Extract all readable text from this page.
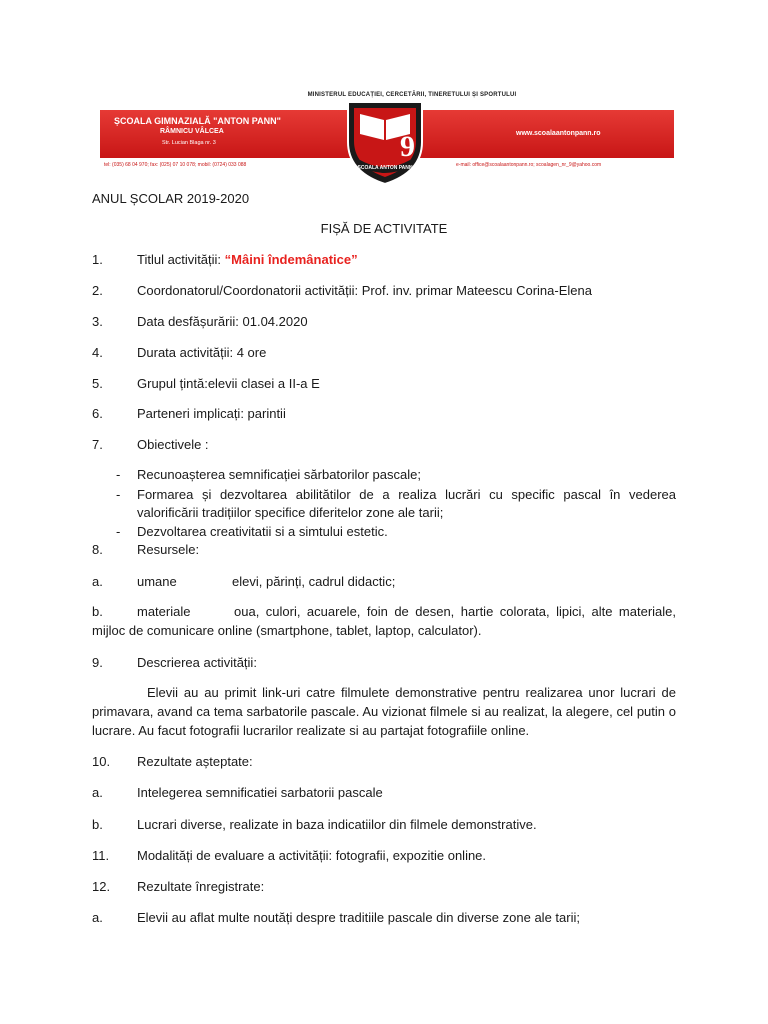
MINISTERUL EDUCAȚIEI, CERCETĂRII, TINERETULUI ȘI SPORTULUI
ȘCOALA GIMNAZIALĂ "ANTON PANN"
RÂMNICU VÂLCEA
Str. Lucian Blaga nr. 3
www.scoalaantonpann.ro
tel: (035) 68 04 970; fax: (025) 07 10 078; mobil: (0724) 033 088	e-mail: office@scoalaantonpann.ro; scoalagen_nr_9@yahoo.com
9
ȘCOALA ANTON PANN
ANUL ȘCOLAR 2019-2020
FIȘĂ DE ACTIVITATE
1.	Titlul activității: “Mâini îndemânatice”
2.	Coordonatorul/Coordonatorii activității: Prof. inv. primar Mateescu Corina-Elena
3.	Data desfășurării: 01.04.2020
4.	Durata activității: 4 ore
5.	Grupul țintă:elevii clasei a II-a E
6.	Parteneri implicați: parintii
7.	Obiectivele :
- Recunoașterea semnificației sărbatorilor pascale;
- Formarea și dezvoltarea abilitătilor de a realiza lucrări cu specific pascal în vederea
valorificării tradițiilor specifice diferitelor zone ale tarii;
- Dezvoltarea creativitatii si a simtului estetic.
8.	Resursele:
a.	umane	elevi, părinți, cadrul didactic;
b.	materiale	oua, culori, acuarele, foin de desen, hartie colorata, lipici, alte materiale,
mijloc de comunicare online (smartphone, tablet, laptop, calculator).
9.	Descrierea activității:
Elevii au au primit link-uri catre filmulete demonstrative pentru realizarea unor lucrari de
primavara, avand ca tema sarbatorile pascale. Au vizionat filmele si au realizat, la alegere, cel putin o
lucrare. Au facut fotografii lucrarilor realizate si au partajat fotografiile online.
10. Rezultate așteptate:
a.	Intelegerea semnificatiei sarbatorii pascale
b.	Lucrari diverse, realizate in baza indicatiilor din filmele demonstrative.
11. Modalități de evaluare a activității: fotografii, expozitie online.
12. Rezultate înregistrate:
a.	Elevii au aflat multe noutăți despre traditiile pascale din diverse zone ale tarii;
